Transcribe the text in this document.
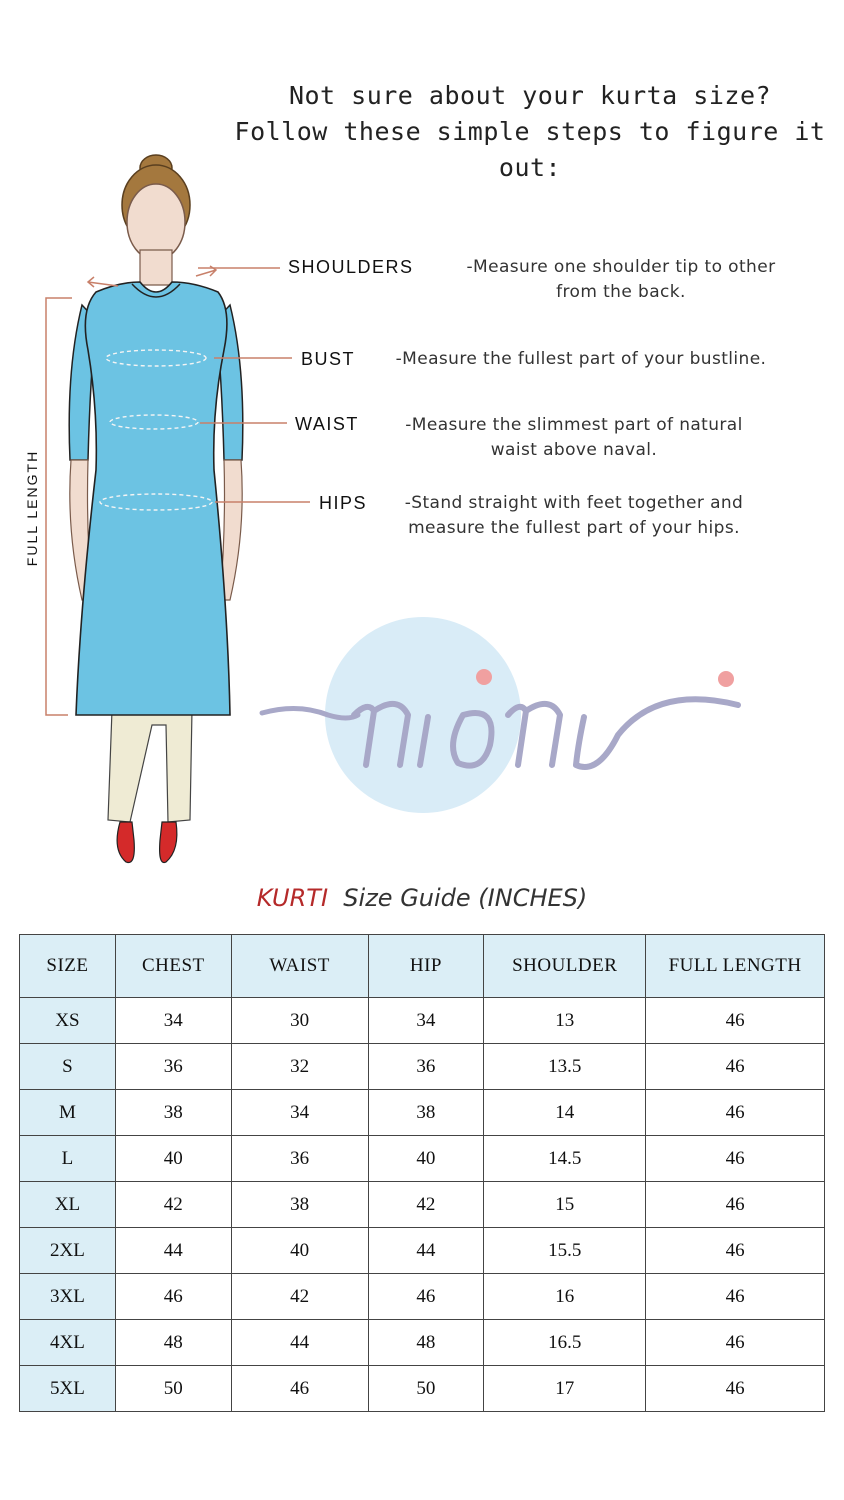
Not sure about your kurta size?
Follow these simple steps to figure it out:
FULL LENGTH
SHOULDERS	-Measure one shoulder tip to other
from the back.
BUST	-Measure the fullest part of your bustline.
WAIST	-Measure the slimmest part of natural
waist above naval.
HIPS	-Stand straight with feet together and
measure the fullest part of your hips.
KURTI Size Guide (INCHES)
SIZE	CHEST	WAIST	HIP	SHOULDER	FULL LENGTH
XS	34	30	34	13	46
S	36	32	36	13.5	46
M	38	34	38	14	46
L	40	36	40	14.5	46
XL	42	38	42	15	46
2XL	44	40	44	15.5	46
3XL	46	42	46	16	46
4XL	48	44	48	16.5	46
5XL	50	46	50	17	46
